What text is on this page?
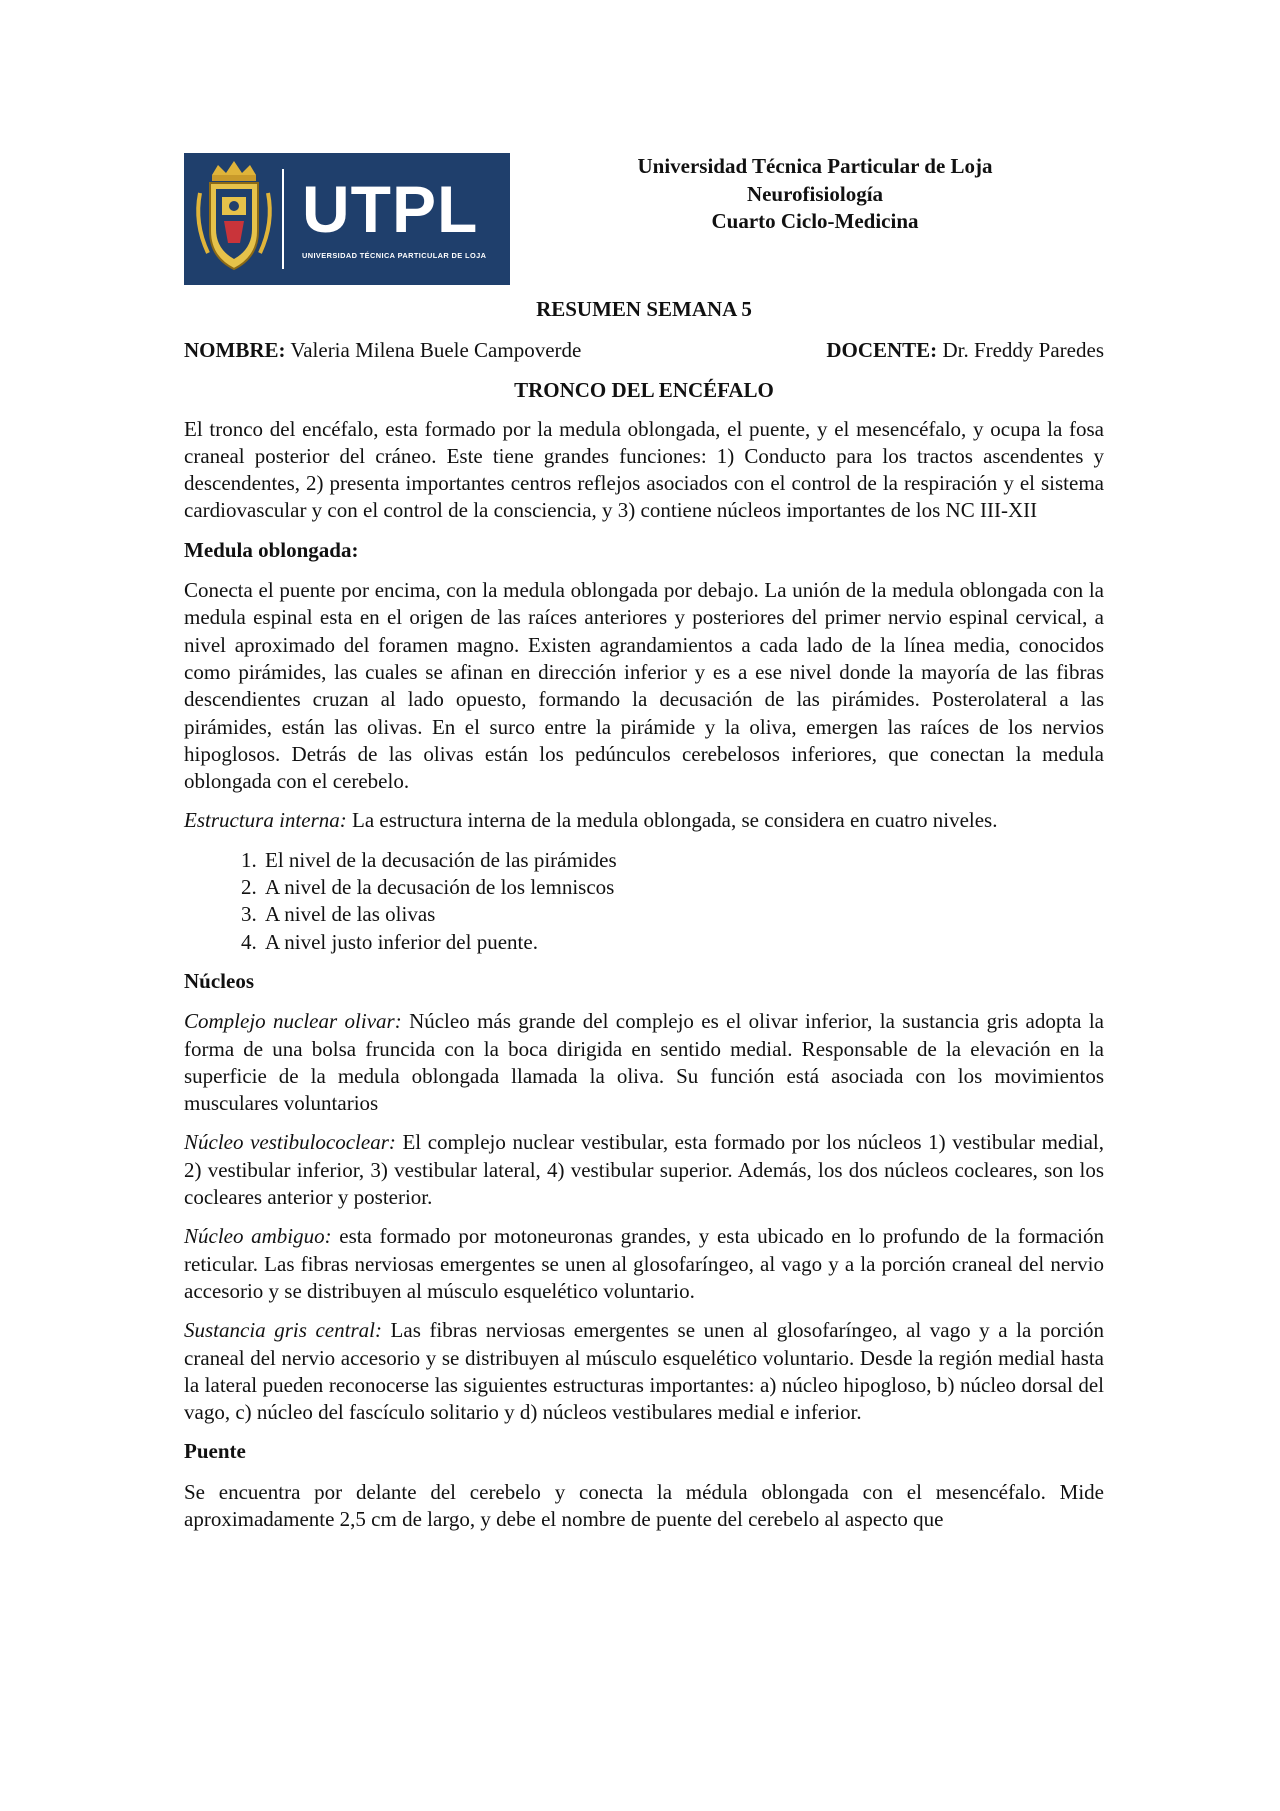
UTPL
UNIVERSIDAD TÉCNICA PARTICULAR DE LOJA
Universidad Técnica Particular de Loja
Neurofisiología
Cuarto Ciclo-Medicina
RESUMEN SEMANA 5
NOMBRE: Valeria Milena Buele Campoverde	DOCENTE: Dr. Freddy Paredes
TRONCO DEL ENCÉFALO

El tronco del encéfalo, esta formado por la medula oblongada, el puente, y el mesencéfalo, y ocupa la fosa craneal posterior del cráneo. Este tiene grandes funciones: 1) Conducto para los tractos ascendentes y descendentes, 2) presenta importantes centros reflejos asociados con el control de la respiración y el sistema cardiovascular y con el control de la consciencia, y 3) contiene núcleos importantes de los NC III-XII

Medula oblongada:

Conecta el puente por encima, con la medula oblongada por debajo. La unión de la medula oblongada con la medula espinal esta en el origen de las raíces anteriores y posteriores del primer nervio espinal cervical, a nivel aproximado del foramen magno. Existen agrandamientos a cada lado de la línea media, conocidos como pirámides, las cuales se afinan en dirección inferior y es a ese nivel donde la mayoría de las fibras descendientes cruzan al lado opuesto, formando la decusación de las pirámides. Posterolateral a las pirámides, están las olivas. En el surco entre la pirámide y la oliva, emergen las raíces de los nervios hipoglosos. Detrás de las olivas están los pedúnculos cerebelosos inferiores, que conectan la medula oblongada con el cerebelo.

Estructura interna: La estructura interna de la medula oblongada, se considera en cuatro niveles.

1. El nivel de la decusación de las pirámides
2. A nivel de la decusación de los lemniscos
3. A nivel de las olivas
4. A nivel justo inferior del puente.
Núcleos

Complejo nuclear olivar: Núcleo más grande del complejo es el olivar inferior, la sustancia gris adopta la forma de una bolsa fruncida con la boca dirigida en sentido medial. Responsable de la elevación en la superficie de la medula oblongada llamada la oliva. Su función está asociada con los movimientos musculares voluntarios

Núcleo vestibulococlear: El complejo nuclear vestibular, esta formado por los núcleos 1) vestibular medial, 2) vestibular inferior, 3) vestibular lateral, 4) vestibular superior. Además, los dos núcleos cocleares, son los cocleares anterior y posterior.

Núcleo ambiguo: esta formado por motoneuronas grandes, y esta ubicado en lo profundo de la formación reticular. Las fibras nerviosas emergentes se unen al glosofaríngeo, al vago y a la porción craneal del nervio accesorio y se distribuyen al músculo esquelético voluntario.

Sustancia gris central: Las fibras nerviosas emergentes se unen al glosofaríngeo, al vago y a la porción craneal del nervio accesorio y se distribuyen al músculo esquelético voluntario. Desde la región medial hasta la lateral pueden reconocerse las siguientes estructuras importantes: a) núcleo hipogloso, b) núcleo dorsal del vago, c) núcleo del fascículo solitario y d) núcleos vestibulares medial e inferior.

Puente

Se encuentra por delante del cerebelo y conecta la médula oblongada con el mesencéfalo. Mide aproximadamente 2,5 cm de largo, y debe el nombre de puente del cerebelo al aspecto que
